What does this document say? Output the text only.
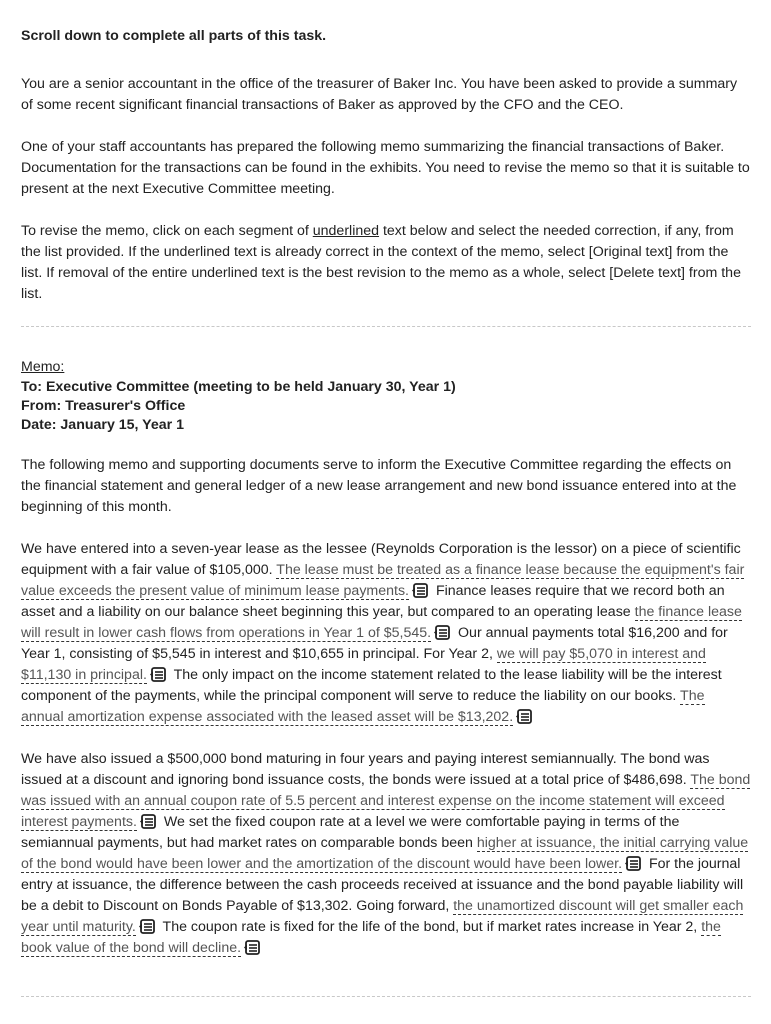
Scroll down to complete all parts of this task.

You are a senior accountant in the office of the treasurer of Baker Inc. You have been asked to provide a summary of some recent significant financial transactions of Baker as approved by the CFO and the CEO.

One of your staff accountants has prepared the following memo summarizing the financial transactions of Baker. Documentation for the transactions can be found in the exhibits. You need to revise the memo so that it is suitable to present at the next Executive Committee meeting.

To revise the memo, click on each segment of underlined text below and select the needed correction, if any, from the list provided. If the underlined text is already correct in the context of the memo, select [Original text] from the list. If removal of the entire underlined text is the best revision to the memo as a whole, select [Delete text] from the list.

Memo:
To: Executive Committee (meeting to be held January 30, Year 1)
From: Treasurer's Office
Date: January 15, Year 1

The following memo and supporting documents serve to inform the Executive Committee regarding the effects on the financial statement and general ledger of a new lease arrangement and new bond issuance entered into at the beginning of this month.

We have entered into a seven-year lease as the lessee (Reynolds Corporation is the lessor) on a piece of scientific equipment with a fair value of $105,000. The lease must be treated as a finance lease because the equipment's fair value exceeds the present value of minimum lease payments. Finance leases require that we record both an asset and a liability on our balance sheet beginning this year, but compared to an operating lease the finance lease will result in lower cash flows from operations in Year 1 of $5,545. Our annual payments total $16,200 and for Year 1, consisting of $5,545 in interest and $10,655 in principal. For Year 2, we will pay $5,070 in interest and $11,130 in principal. The only impact on the income statement related to the lease liability will be the interest component of the payments, while the principal component will serve to reduce the liability on our books. The annual amortization expense associated with the leased asset will be $13,202.

We have also issued a $500,000 bond maturing in four years and paying interest semiannually. The bond was issued at a discount and ignoring bond issuance costs, the bonds were issued at a total price of $486,698. The bond was issued with an annual coupon rate of 5.5 percent and interest expense on the income statement will exceed interest payments. We set the fixed coupon rate at a level we were comfortable paying in terms of the semiannual payments, but had market rates on comparable bonds been higher at issuance, the initial carrying value of the bond would have been lower and the amortization of the discount would have been lower. For the journal entry at issuance, the difference between the cash proceeds received at issuance and the bond payable liability will be a debit to Discount on Bonds Payable of $13,302. Going forward, the unamortized discount will get smaller each year until maturity. The coupon rate is fixed for the life of the bond, but if market rates increase in Year 2, the book value of the bond will decline.
